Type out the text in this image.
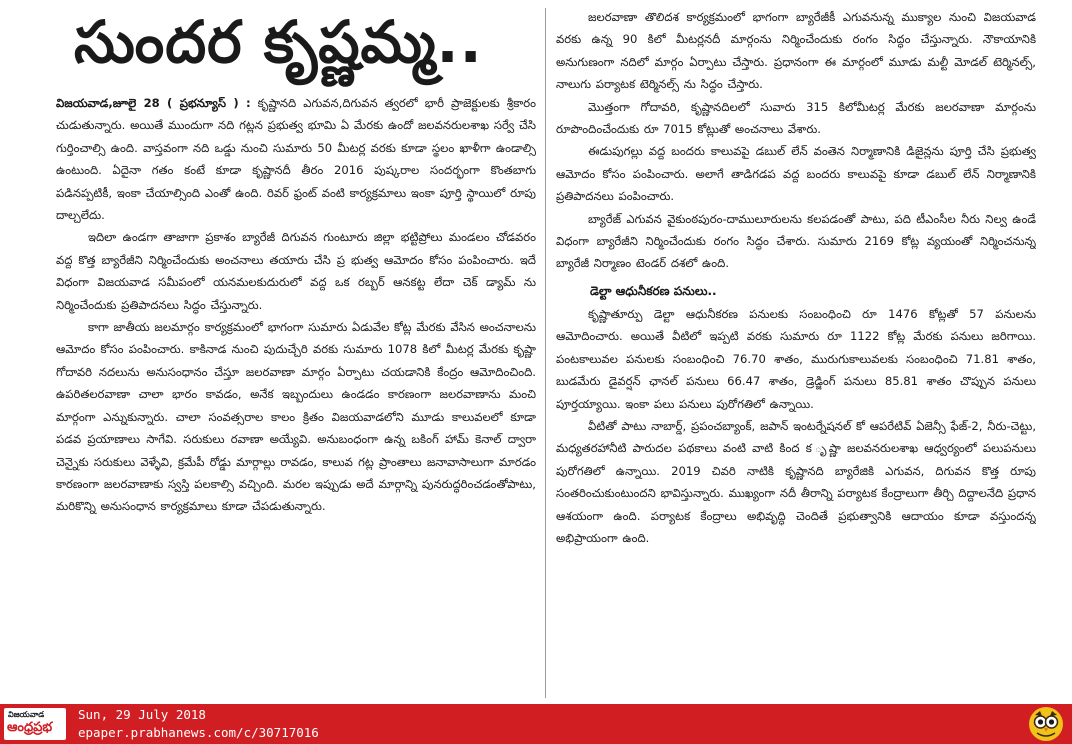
సుందర కృష్ణమ్మ..

విజయవాడ,జూలై 28 ( ప్రభన్యూస్ ) : కృష్ణానది ఎగువన,దిగువన త్వరలో భారీ ప్రాజెక్టులకు శ్రీకారం చుడుతున్నారు. అయితే ముందుగా నది గట్లన ప్రభుత్వ భూమి ఏ మేరకు ఉందో జలవనరులశాఖ సర్వే చేసి గుర్తించాల్సి ఉంది. వాస్తవంగా నది ఒడ్డు నుంచి సుమారు 50 మీటర్ల వరకు కూడా స్థలం ఖాళీగా ఉండాల్సి ఉంటుంది. ఏదైనా గతం కంటే కూడా కృష్ణానదీ తీరం 2016 పుష్కరాల సందర్భంగా కొంతబాగు పడినప్పటికీ, ఇంకా చేయాల్సింది ఎంతో ఉంది. రివర్ ఫ్రంట్ వంటి కార్యక్రమాలు ఇంకా పూర్తి స్థాయిలో రూపు దాల్చలేదు.

ఇదిలా ఉండగా తాజాగా ప్రకాశం బ్యారేజీ దిగువన గుంటూరు జిల్లా భట్టిప్రోలు మండలం చోడవరం వద్ద కొత్త బ్యారేజీని నిర్మించేందుకు అంచనాలు తయారు చేసి ప్ర భుత్వ ఆమోదం కోసం పంపించారు. ఇదే విధంగా విజయవాడ సమీపంలో యనమలకుదురులో వద్ద ఒక రబ్బర్ ఆనకట్ట లేదా చెక్ డ్యామ్ ను నిర్మించేందుకు ప్రతిపాదనలు సిద్ధం చేస్తున్నారు.

కాగా జాతీయ జలమార్గం కార్యక్రమంలో భాగంగా సుమారు ఏడువేల కోట్ల మేరకు వేసిన అంచనాలను ఆమోదం కోసం పంపించారు. కాకినాడ నుంచి పుదుచ్చేరి వరకు సుమారు 1078 కిలో మీటర్ల మేరకు కృష్ణా గోదావరి నదలును అనుసంధానం చేస్తూ జలరవాణా మార్గం ఏర్పాటు చయడానికి కేంద్రం ఆమోదించింది. ఉపరితలరవాణా చాలా భారం కావడం, అనేక ఇబ్బందులు ఉండడం కారణంగా జలరవాణాను మంచి మార్గంగా ఎన్నుకున్నారు. చాలా సంవత్సరాల కాలం క్రితం విజయవాడలోని మూడు కాలువలలో కూడా పడవ ప్రయాణాలు సాగేవి. సరుకులు రవాణా అయ్యేవి. అనుబంధంగా ఉన్న బకింగ్ హామ్ కెనాల్ ద్వారా చెన్నైకు సరుకులు వెళ్ళేవి, క్రమేపీ రోడ్డు మార్గాల్లు రావడం, కాలువ గట్ల ప్రాంతాలు జనావాసాలుగా మారడం కారణంగా జలరవాణాకు స్వస్తి పలకాల్సి వచ్చింది. మరల ఇప్పుడు అదే మార్గాన్ని పునరుద్ధరించడంతోపాటు, మరికొన్ని అనుసంధాన కార్యక్రమాలు కూడా చేపడుతున్నారు.

జలరవాణా తొలిదశ కార్యక్రమంలో భాగంగా బ్యారేజీకీ ఎగువనున్న ముక్యాల నుంచి విజయవాడ వరకు ఉన్న 90 కిలో మీటర్లనదీ మార్గంను నిర్మించేందుకు రంగం సిద్ధం చేస్తున్నారు. నౌకాయానికి అనుగుణంగా నదిలో మార్గం ఏర్పాటు చేస్తారు. ప్రధానంగా ఈ మార్గంలో మూడు మల్టీ మోడల్ టెర్మినల్స్, నాలుగు పర్యాటక టెర్మినల్స్ ను సిద్ధం చేస్తారు.

మొత్తంగా గోదావరి, కృష్ణానదిలలో సువారు 315 కిలోమీటర్ల మేరకు జలరవాణా మార్గంను రూపొందించేందుకు రూ 7015 కోట్లుతో అంచనాలు వేశారు.

ఈడుపుగల్లు వద్ద బందరు కాలువపై డబుల్ లేన్ వంతెన నిర్మాణానికి డిజైన్లను పూర్తి చేసి ప్రభుత్వ ఆమోదం కోసం పంపించారు. అలాగే తాడిగడప వద్ద బందరు కాలువపై కూడా డబుల్ లేన్ నిర్మాణానికి ప్రతిపాదనలు పంపించారు.

బ్యారేజ్ ఎగువన వైకుంఠపురం-దాములూరులను కలపడంతో పాటు, పది టీఎంసీల నీరు నిల్వ ఉండే విధంగా బ్యారేజీని నిర్మించేందుకు రంగం సిద్ధం చేశారు. సుమారు 2169 కోట్ల వ్యయంతో నిర్మించనున్న బ్యారేజీ నిర్మాణం టెండర్ దశలో ఉంది.

డెల్టా ఆధునీకరణ పనులు..

కృష్ణాతూర్పు డెల్టా ఆధునీకరణ పనులకు సంబంధించి రూ 1476 కోట్లతో 57 పనులను ఆమోదించారు. అయితే వీటిలో ఇప్పటి వరకు సుమారు రూ 1122 కోట్ల మేరకు పనులు జరిగాయి. పంటకాలువల పనులకు సంబంధించి 76.70 శాతం, మురుగుకాలువలకు సంబంధించి 71.81 శాతం, బుడమేరు డైవర్షన్ ఛానల్ పనులు 66.47 శాతం, డ్రెడ్జింగ్ పనులు 85.81 శాతం చొప్పున పనులు పూర్తయ్యాయి. ఇంకా పలు పనులు పురోగతిలో ఉన్నాయి.

వీటితో పాటు నాబార్డ్, ప్రపంచబ్యాంక్, జపాన్ ఇంటర్నేషనల్ కో ఆపరేటివ్ ఏజెన్సీ ఫేజ్-2, నీరు-చెట్టు, మధ్యతరహానీటి పారుదల పథకాలు వంటి వాటి కింద క ృష్ణా జలవనరులశాఖ ఆధ్వర్యంలో పలుపనులు పురోగతిలో ఉన్నాయి. 2019 చివరి నాటికి కృష్ణానది బ్యారేజికి ఎగువన, దిగువన కొత్త రూపు సంతరించుకుంటుందని భావిస్తున్నారు. ముఖ్యంగా నదీ తీరాన్ని పర్యాటక కేంద్రాలుగా తీర్చి దిద్దాలనేది ప్రధాన ఆశయంగా ఉంది. పర్యాటక కేంద్రాలు అభివృద్ధి చెందితే ప్రభుత్వానికి ఆదాయం కూడా వస్తుందన్న అభిప్రాయంగా ఉంది.

విజయవాడ
ఆంధ్రప్రభ
Sun, 29 July 2018
epaper.prabhanews.com/c/30717016
